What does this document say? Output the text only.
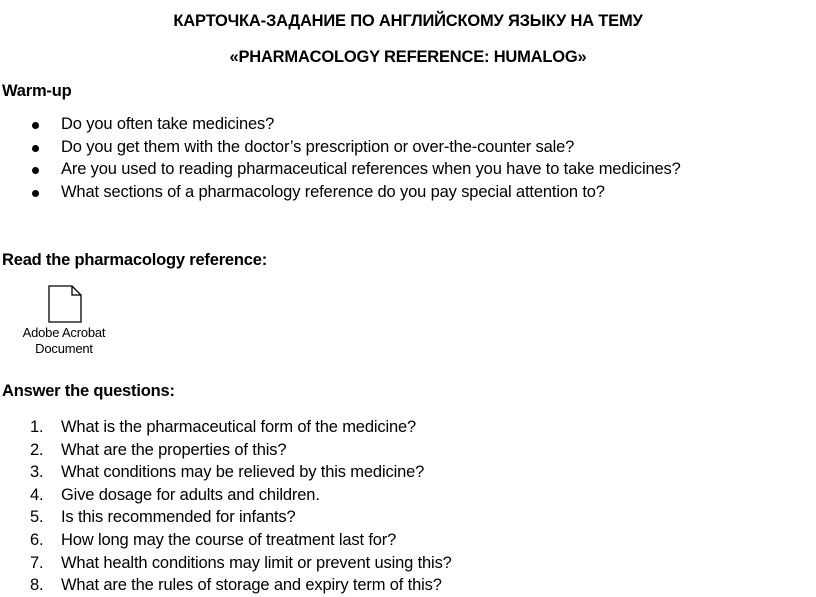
КАРТОЧКА-ЗАДАНИЕ ПО АНГЛИЙСКОМУ ЯЗЫКУ НА ТЕМУ
«PHARMACOLOGY REFERENCE: HUMALOG»
Warm-up
Do you often take medicines?
Do you get them with the doctor’s prescription or over-the-counter sale?
Are you used to reading pharmaceutical references when you have to take medicines?
What sections of a pharmacology reference do you pay special attention to?
Read the pharmacology reference:
Adobe Acrobat
Document
Answer the questions:
1.	What is the pharmaceutical form of the medicine?
2.	What are the properties of this?
3.	What conditions may be relieved by this medicine?
4.	Give dosage for adults and children.
5.	Is this recommended for infants?
6.	How long may the course of treatment last for?
7.	What health conditions may limit or prevent using this?
8.	What are the rules of storage and expiry term of this?
